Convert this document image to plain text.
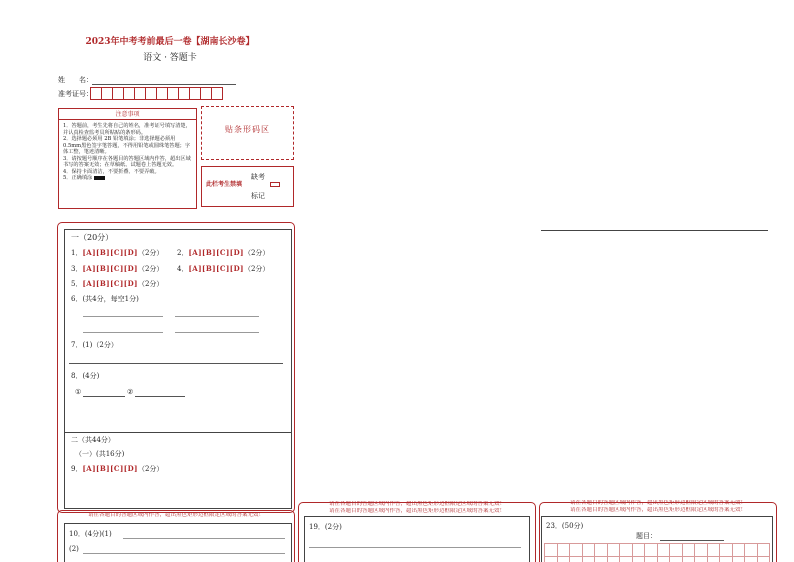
2023年中考考前最后一卷【湖南长沙卷】
语文 · 答题卡
姓　　名：
准考证号：
注意事项
1．答题前，考生先将自己的姓名，准考证号填写清楚，并认真检查监考员所粘贴的条形码。
2．选择题必须用 2B 铅笔填涂；非选择题必须用 0.5mm黑色签字笔答题，不得用铅笔或圆珠笔答题；字体工整，笔迹清晰。
3．请按题号顺序在各题目的答题区域内作答，超出区域书写的答案无效；在草稿纸、试题卷上答题无效。
4．保持卡面清洁，不要折叠、不要弄破。
5．正确填涂
贴条形码区
缺考
此栏考生禁填
标记
一（20分）
1．[A][B][C][D]（2分） 2．[A][B][C][D]（2分）
3．[A][B][C][D]（2分） 4．[A][B][C][D]（2分）
5．[A][B][C][D]（2分）
6．(共4分，每空1分)
7．(1)（2分）
8．(4分)
①	②
二（共44分）
（一）(共16分)
9．[A][B][C][D]（2分）
请在各题目的答题区域内作答，超出黑色矩形边框限定区域的答案无效！
10．(4分)(1)
(2)
请在各题目的答题区域内作答，超出黑色矩形边框限定区域的答案无效！
请在各题目的答题区域内作答，超出黑色矩形边框限定区域的答案无效！
19．(2分)
请在各题目的答题区域内作答，超出黑色矩形边框限定区域的答案无效！
请在各题目的答题区域内作答，超出黑色矩形边框限定区域的答案无效！
23．(50分)
题目：
